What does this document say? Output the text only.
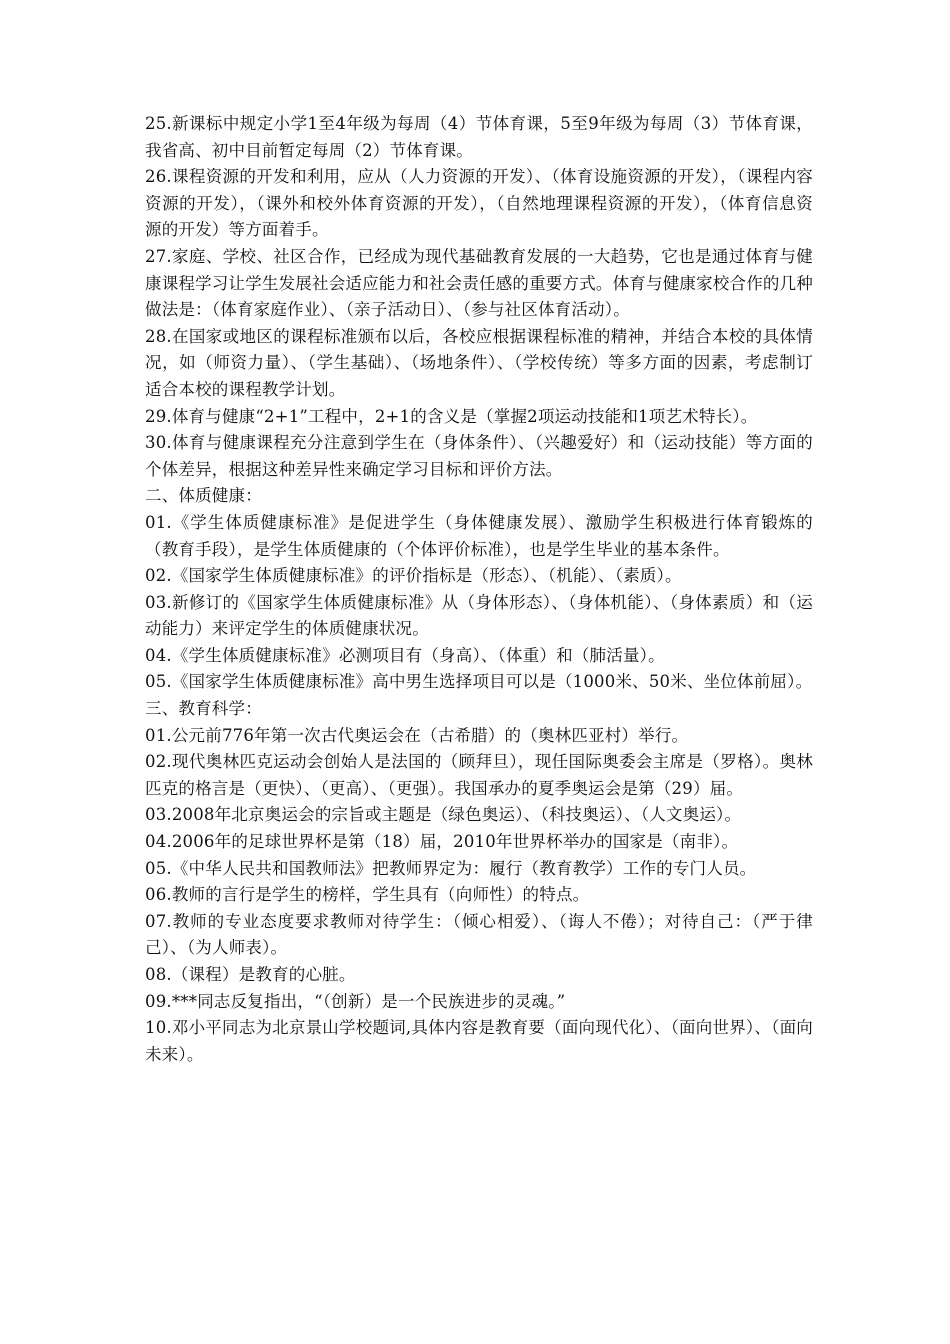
25.新课标中规定小学1至4年级为每周（4）节体育课，5至9年级为每周（3）节体育课，我省高、初中目前暂定每周（2）节体育课。

26.课程资源的开发和利用，应从（人力资源的开发）、（体育设施资源的开发），（课程内容资源的开发），（课外和校外体育资源的开发），（自然地理课程资源的开发），（体育信息资源的开发）等方面着手。

27.家庭、学校、社区合作，已经成为现代基础教育发展的一大趋势，它也是通过体育与健康课程学习让学生发展社会适应能力和社会责任感的重要方式。体育与健康家校合作的几种做法是：（体育家庭作业）、（亲子活动日）、（参与社区体育活动）。

28.在国家或地区的课程标准颁布以后，各校应根据课程标准的精神，并结合本校的具体情况，如（师资力量）、（学生基础）、（场地条件）、（学校传统）等多方面的因素，考虑制订适合本校的课程教学计划。

29.体育与健康“2+1”工程中，2+1的含义是（掌握2项运动技能和1项艺术特长）。

30.体育与健康课程充分注意到学生在（身体条件）、（兴趣爱好）和（运动技能）等方面的个体差异，根据这种差异性来确定学习目标和评价方法。

二、体质健康：

01.《学生体质健康标准》是促进学生（身体健康发展）、激励学生积极进行体育锻炼的（教育手段），是学生体质健康的（个体评价标准），也是学生毕业的基本条件。

02.《国家学生体质健康标准》的评价指标是（形态）、（机能）、（素质）。

03.新修订的《国家学生体质健康标准》从（身体形态）、（身体机能）、（身体素质）和（运动能力）来评定学生的体质健康状况。

04.《学生体质健康标准》必测项目有（身高）、（体重）和（肺活量）。

05.《国家学生体质健康标准》高中男生选择项目可以是（1000米、50米、坐位体前屈）。

三、教育科学：

01.公元前776年第一次古代奥运会在（古希腊）的（奥林匹亚村）举行。

02.现代奥林匹克运动会创始人是法国的（顾拜旦），现任国际奥委会主席是（罗格）。奥林匹克的格言是（更快）、（更高）、（更强）。我国承办的夏季奥运会是第（29）届。

03.2008年北京奥运会的宗旨或主题是（绿色奥运）、（科技奥运）、（人文奥运）。

04.2006年的足球世界杯是第（18）届，2010年世界杯举办的国家是（南非）。

05.《中华人民共和国教师法》把教师界定为：履行（教育教学）工作的专门人员。

06.教师的言行是学生的榜样，学生具有（向师性）的特点。

07.教师的专业态度要求教师对待学生：（倾心相爱）、（诲人不倦）；对待自己：（严于律己）、（为人师表）。

08.（课程）是教育的心脏。

09.***同志反复指出，“（创新）是一个民族进步的灵魂。”

10.邓小平同志为北京景山学校题词,具体内容是教育要（面向现代化）、（面向世界）、（面向未来）。
